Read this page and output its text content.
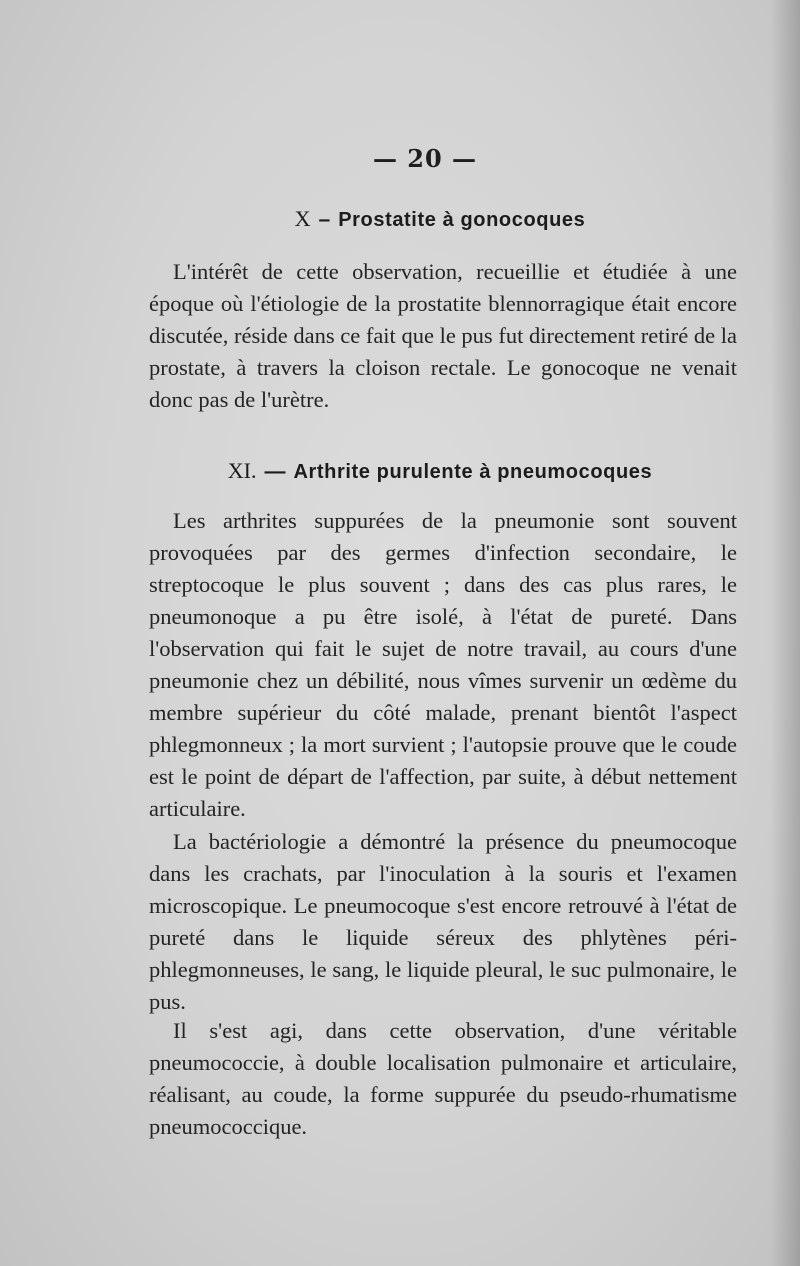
— 20 —
X – Prostatite à gonocoques

L'intérêt de cette observation, recueillie et étudiée à une époque où l'étiologie de la prostatite blennorragique était encore discutée, réside dans ce fait que le pus fut directement retiré de la prostate, à travers la cloison rectale. Le gonocoque ne venait donc pas de l'urètre.

XI. — Arthrite purulente à pneumocoques

Les arthrites suppurées de la pneumonie sont souvent provoquées par des germes d'infection secondaire, le streptocoque le plus souvent ; dans des cas plus rares, le pneumonoque a pu être isolé, à l'état de pureté. Dans l'observation qui fait le sujet de notre travail, au cours d'une pneumonie chez un débilité, nous vîmes survenir un œdème du membre supérieur du côté malade, prenant bientôt l'aspect phlegmonneux ; la mort survient ; l'autopsie prouve que le coude est le point de départ de l'affection, par suite, à début nettement articulaire.

La bactériologie a démontré la présence du pneumocoque dans les crachats, par l'inoculation à la souris et l'examen microscopique. Le pneumocoque s'est encore retrouvé à l'état de pureté dans le liquide séreux des phlytènes péri-phlegmonneuses, le sang, le liquide pleural, le suc pulmonaire, le pus.

Il s'est agi, dans cette observation, d'une véritable pneumococcie, à double localisation pulmonaire et articulaire, réalisant, au coude, la forme suppurée du pseudo-rhumatisme pneumococcique.
